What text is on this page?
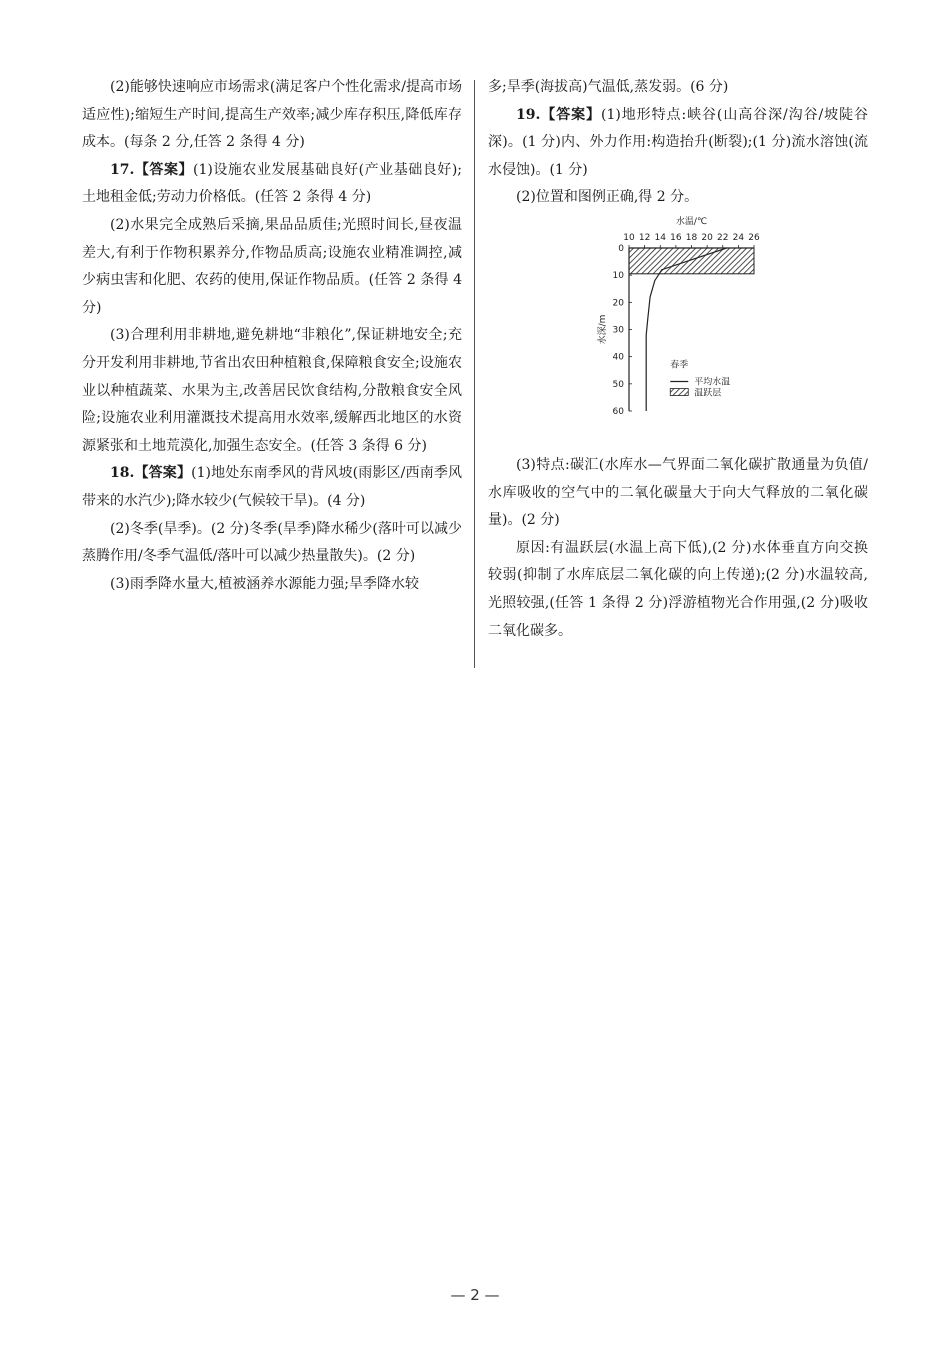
(2)能够快速响应市场需求(满足客户个性化需求/提高市场适应性);缩短生产时间,提高生产效率;减少库存积压,降低库存成本。(每条 2 分,任答 2 条得 4 分)

17.【答案】(1)设施农业发展基础良好(产业基础良好);土地租金低;劳动力价格低。(任答 2 条得 4 分)

(2)水果完全成熟后采摘,果品品质佳;光照时间长,昼夜温差大,有利于作物积累养分,作物品质高;设施农业精准调控,减少病虫害和化肥、农药的使用,保证作物品质。(任答 2 条得 4 分)

(3)合理利用非耕地,避免耕地“非粮化”,保证耕地安全;充分开发利用非耕地,节省出农田种植粮食,保障粮食安全;设施农业以种植蔬菜、水果为主,改善居民饮食结构,分散粮食安全风险;设施农业利用灌溉技术提高用水效率,缓解西北地区的水资源紧张和土地荒漠化,加强生态安全。(任答 3 条得 6 分)

18.【答案】(1)地处东南季风的背风坡(雨影区/西南季风带来的水汽少);降水较少(气候较干旱)。(4 分)

(2)冬季(旱季)。(2 分)冬季(旱季)降水稀少(落叶可以减少蒸腾作用/冬季气温低/落叶可以减少热量散失)。(2 分)

(3)雨季降水量大,植被涵养水源能力强;旱季降水较

多;旱季(海拔高)气温低,蒸发弱。(6 分)

19.【答案】(1)地形特点:峡谷(山高谷深/沟谷/坡陡谷深)。(1 分)内、外力作用:构造抬升(断裂);(1 分)流水溶蚀(流水侵蚀)。(1 分)

(2)位置和图例正确,得 2 分。

水温/℃
10 12 14 16 18 20 22 24 26
0
10
20
30
40
50
60
水深/m
春季
平均水温
温跃层

(3)特点:碳汇(水库水—气界面二氧化碳扩散通量为负值/水库吸收的空气中的二氧化碳量大于向大气释放的二氧化碳量)。(2 分)

原因:有温跃层(水温上高下低),(2 分)水体垂直方向交换较弱(抑制了水库底层二氧化碳的向上传递);(2 分)水温较高,光照较强,(任答 1 条得 2 分)浮游植物光合作用强,(2 分)吸收二氧化碳多。

— 2 —
